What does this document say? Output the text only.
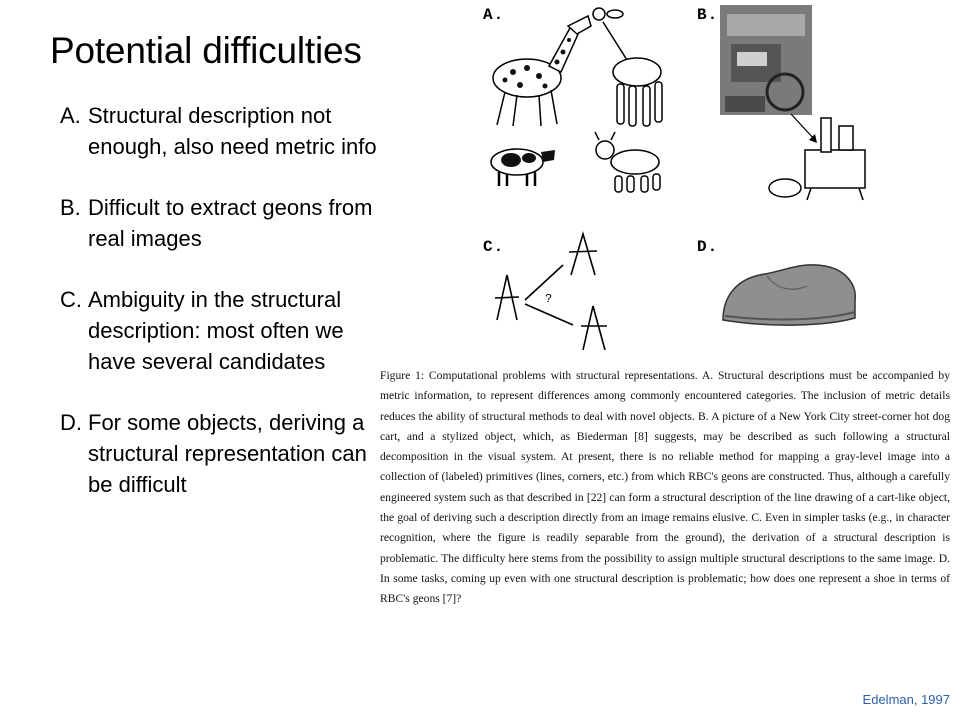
Potential difficulties
A. Structural description not enough, also need metric info
B. Difficult to extract geons from real images
C. Ambiguity in the structural description: most often we have several candidates
D. For some objects, deriving a structural representation can be difficult
A.	B.
C.	D.
?

Figure 1: Computational problems with structural representations. A. Structural descriptions must be accompanied by metric information, to represent differences among commonly encountered categories. The inclusion of metric details reduces the ability of structural methods to deal with novel objects. B. A picture of a New York City street-corner hot dog cart, and a stylized object, which, as Biederman [8] suggests, may be described as such following a structural decomposition in the visual system. At present, there is no reliable method for mapping a gray-level image into a collection of (labeled) primitives (lines, corners, etc.) from which RBC's geons are constructed. Thus, although a carefully engineered system such as that described in [22] can form a structural description of the line drawing of a cart-like object, the goal of deriving such a description directly from an image remains elusive. C. Even in simpler tasks (e.g., in character recognition, where the figure is readily separable from the ground), the derivation of a structural description is problematic. The difficulty here stems from the possibility to assign multiple structural descriptions to the same image. D. In some tasks, coming up even with one structural description is problematic; how does one represent a shoe in terms of RBC's geons [7]?

Edelman, 1997
